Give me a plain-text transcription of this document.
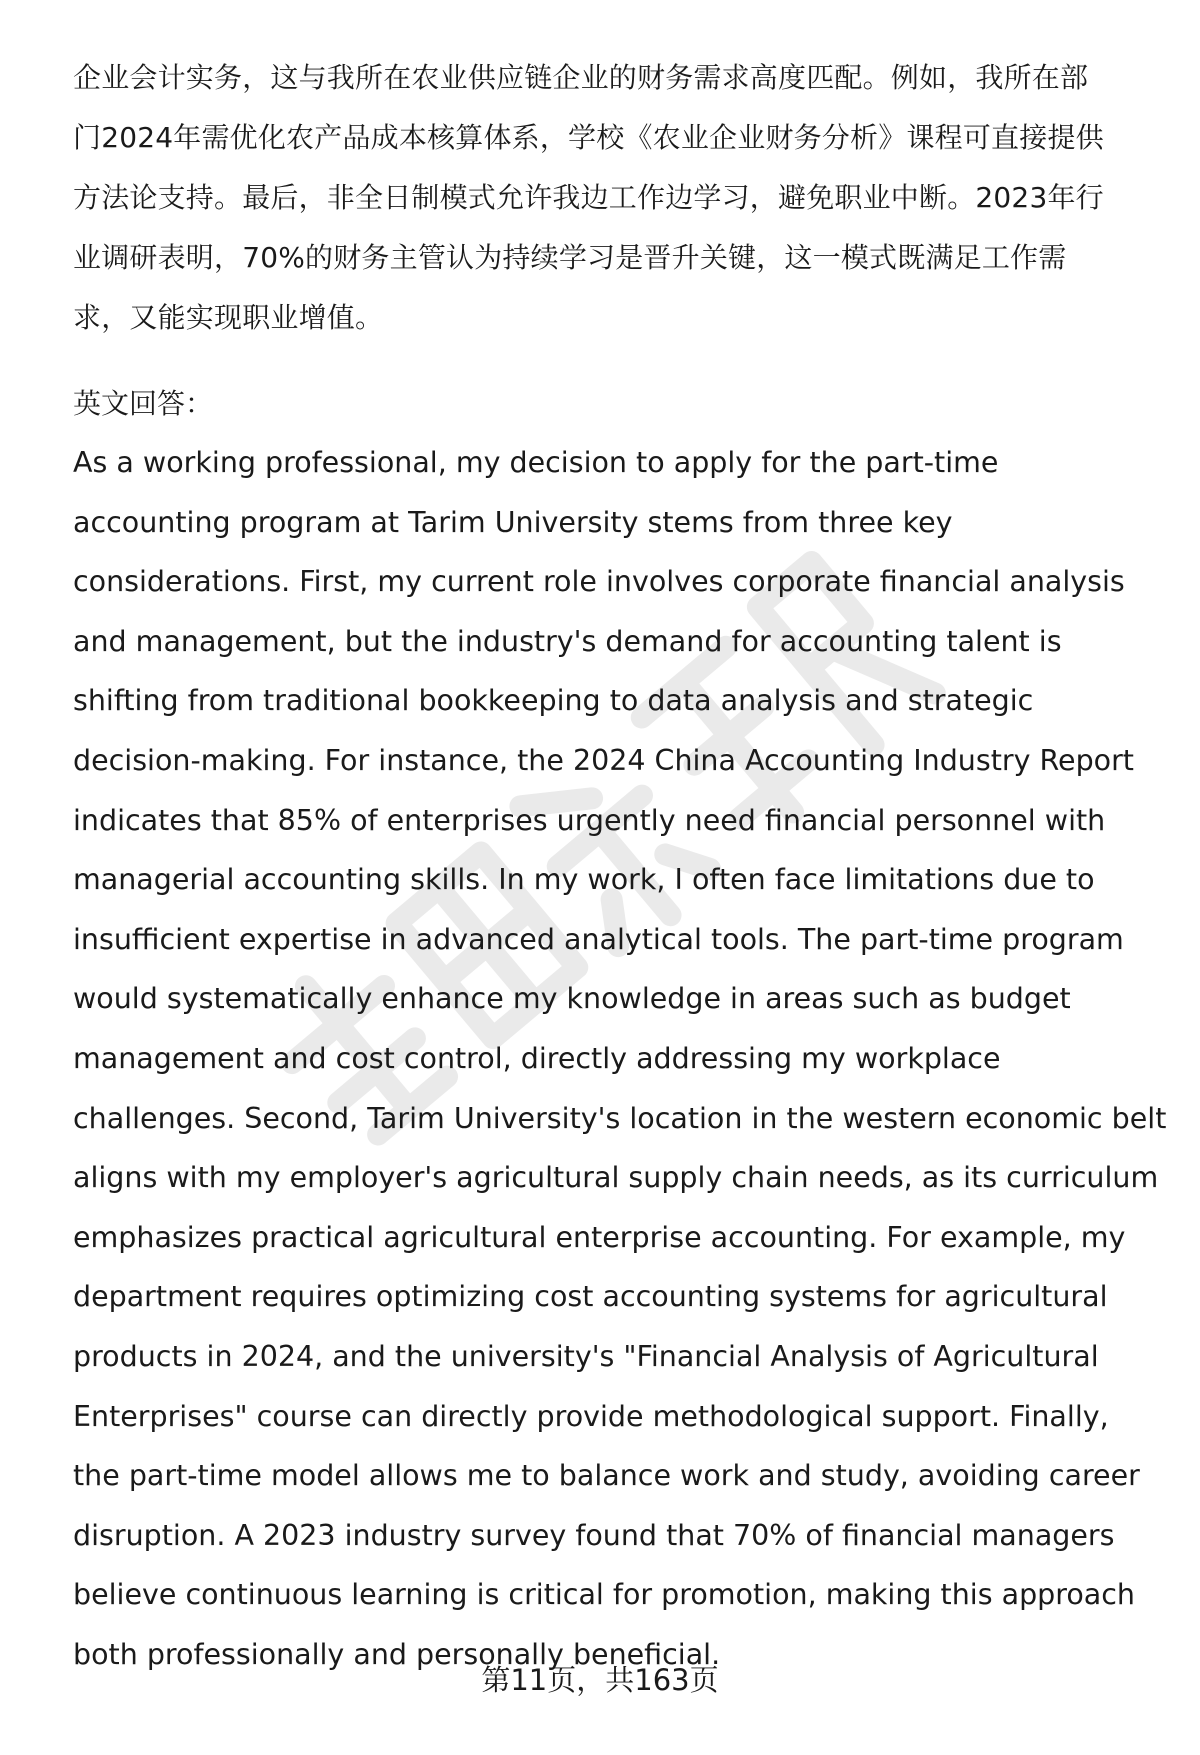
企业会计实务，这与我所在农业供应链企业的财务需求高度匹配。例如，我所在部
门2024年需优化农产品成本核算体系，学校《农业企业财务分析》课程可直接提供
方法论支持。最后，非全日制模式允许我边工作边学习，避免职业中断。2023年行
业调研表明，70%的财务主管认为持续学习是晋升关键，这一模式既满足工作需
求，又能实现职业增值。

英文回答：

As a working professional, my decision to apply for the part-time
accounting program at Tarim University stems from three key
considerations. First, my current role involves corporate financial analysis
and management, but the industry's demand for accounting talent is
shifting from traditional bookkeeping to data analysis and strategic
decision-making. For instance, the 2024 China Accounting Industry Report
indicates that 85% of enterprises urgently need financial personnel with
managerial accounting skills. In my work, I often face limitations due to
insufficient expertise in advanced analytical tools. The part-time program
would systematically enhance my knowledge in areas such as budget
management and cost control, directly addressing my workplace
challenges. Second, Tarim University's location in the western economic belt
aligns with my employer's agricultural supply chain needs, as its curriculum
emphasizes practical agricultural enterprise accounting. For example, my
department requires optimizing cost accounting systems for agricultural
products in 2024, and the university's "Financial Analysis of Agricultural
Enterprises" course can directly provide methodological support. Finally,
the part-time model allows me to balance work and study, avoiding career
disruption. A 2023 industry survey found that 70% of financial managers
believe continuous learning is critical for promotion, making this approach
both professionally and personally beneficial.

第11页，共163页
